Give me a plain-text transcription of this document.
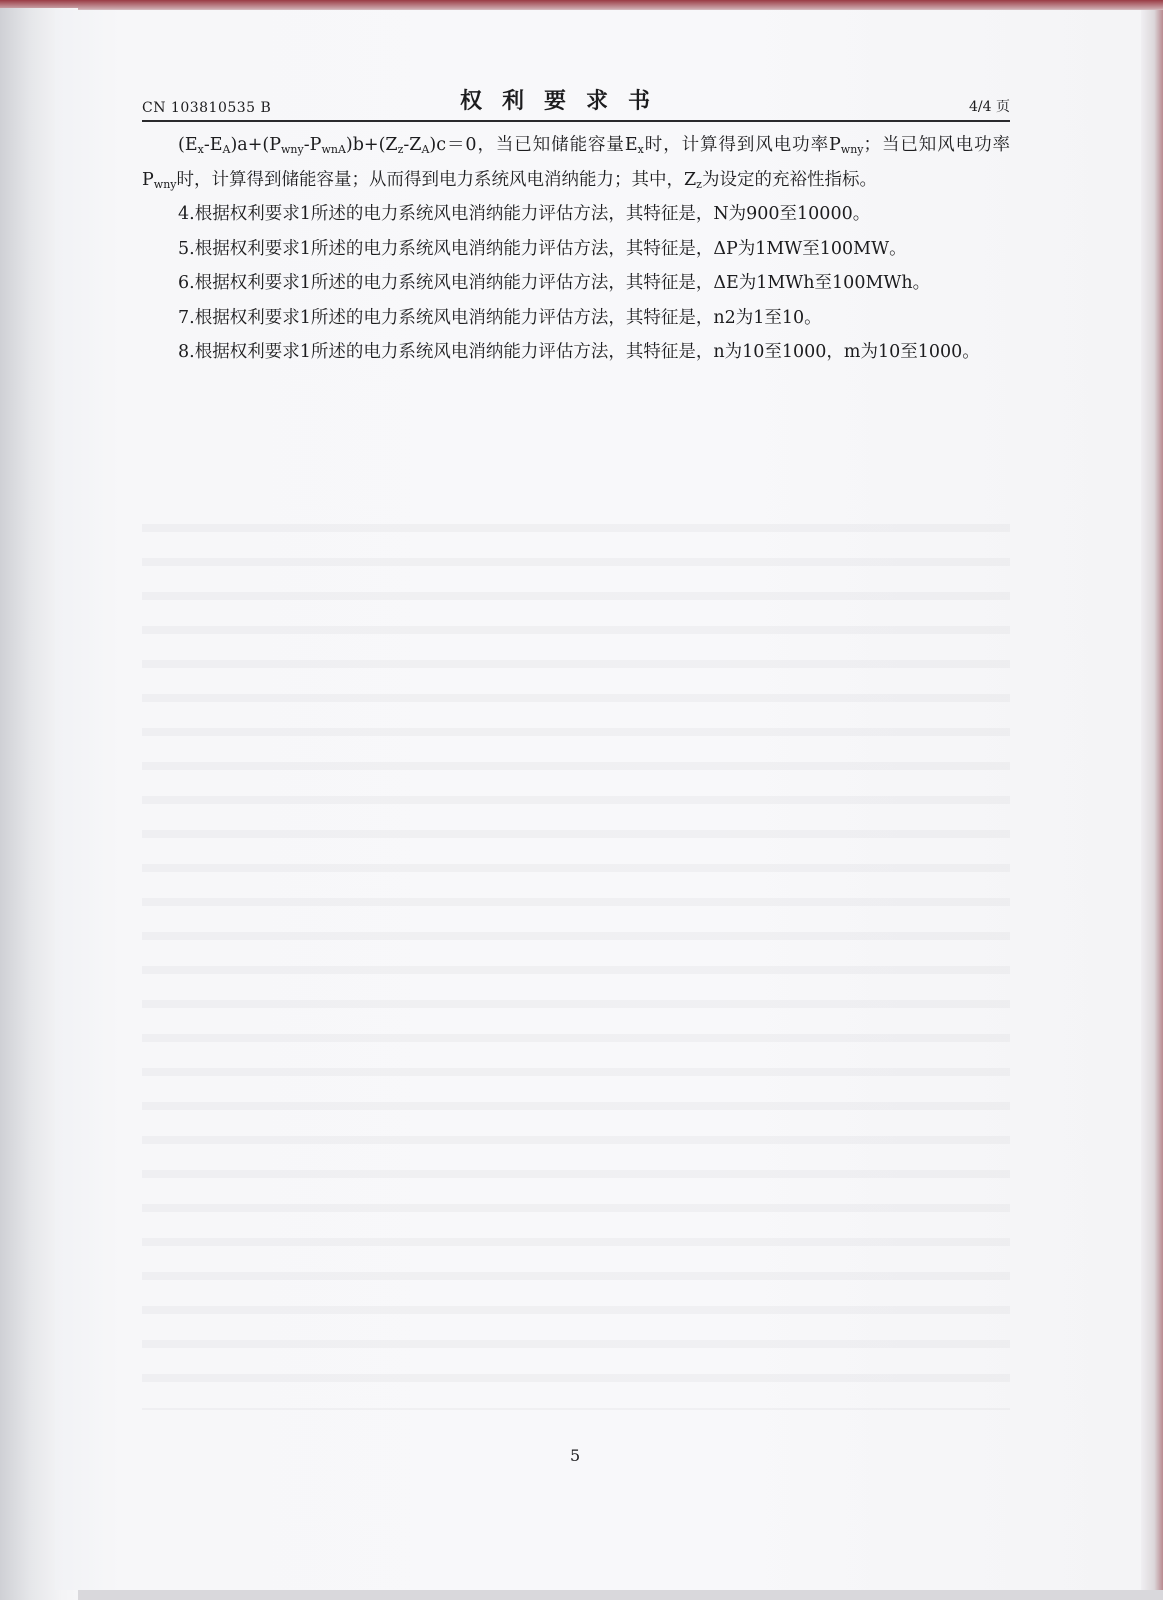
CN 103810535 B	权利要求书	4/4 页

$(E_x-E_A)a+(P_{wny}-P_{wnA})b+(Z_z-Z_A)c=0$，当已知储能容量$E_x$时，计算得到风电功率$P_{wny}$；当已知风电功率$P_{wny}$时，计算得到储能容量；从而得到电力系统风电消纳能力；其中，$Z_z$为设定的充裕性指标。

4.根据权利要求1所述的电力系统风电消纳能力评估方法，其特征是，N为900至10000。

5.根据权利要求1所述的电力系统风电消纳能力评估方法，其特征是，ΔP为1MW至100MW。

6.根据权利要求1所述的电力系统风电消纳能力评估方法，其特征是，ΔE为1MWh至100MWh。

7.根据权利要求1所述的电力系统风电消纳能力评估方法，其特征是，n2为1至10。

8.根据权利要求1所述的电力系统风电消纳能力评估方法，其特征是，n为10至1000，m为10至1000。

5
